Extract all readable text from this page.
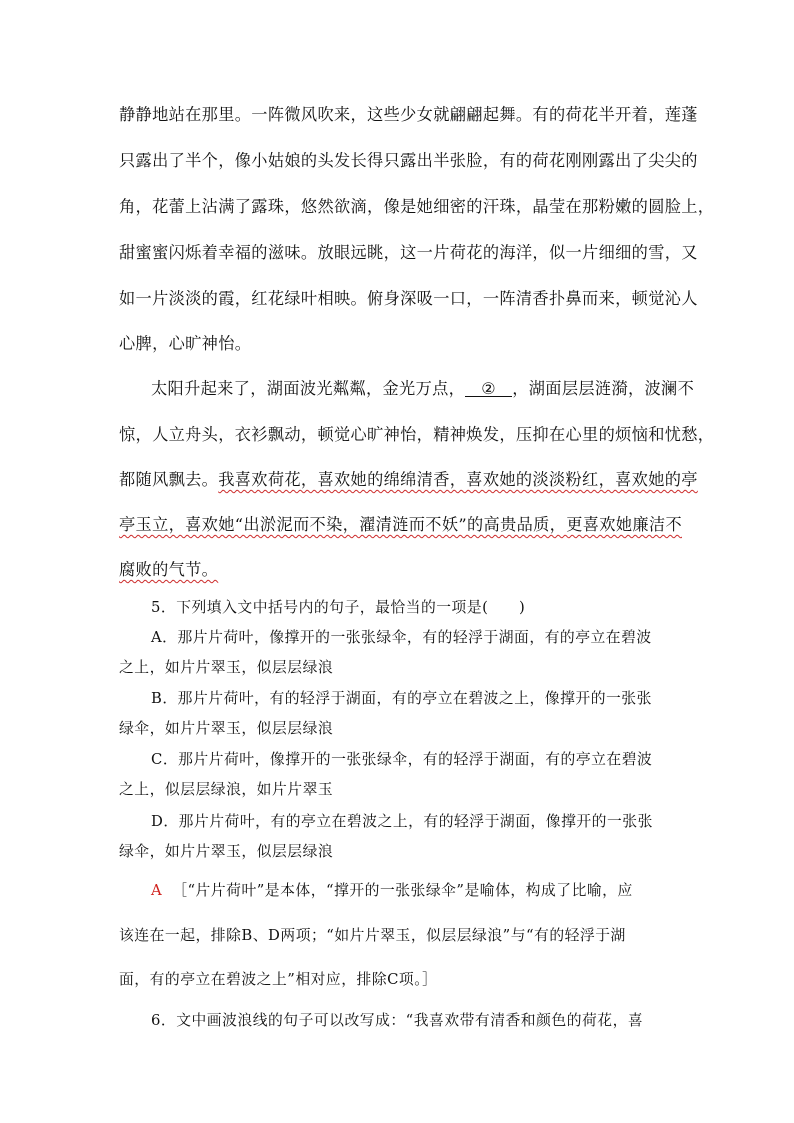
静静地站在那里。一阵微风吹来，这些少女就翩翩起舞。有的荷花半开着，莲蓬
只露出了半个，像小姑娘的头发长得只露出半张脸，有的荷花刚刚露出了尖尖的
角，花蕾上沾满了露珠，悠然欲滴，像是她细密的汗珠，晶莹在那粉嫩的圆脸上，
甜蜜蜜闪烁着幸福的滋味。放眼远眺，这一片荷花的海洋，似一片细细的雪，又
如一片淡淡的霞，红花绿叶相映。俯身深吸一口，一阵清香扑鼻而来，顿觉沁人
心脾，心旷神怡。
太阳升起来了，湖面波光粼粼，金光万点， ② ，湖面层层涟漪，波澜不
惊，人立舟头，衣衫飘动，顿觉心旷神怡，精神焕发，压抑在心里的烦恼和忧愁，
都随风飘去。我喜欢荷花，喜欢她的绵绵清香，喜欢她的淡淡粉红，喜欢她的亭
亭玉立，喜欢她“出淤泥而不染，濯清涟而不妖”的高贵品质，更喜欢她廉洁不
腐败的气节。
5．下列填入文中括号内的句子，最恰当的一项是(　　)
A．那片片荷叶，像撑开的一张张绿伞，有的轻浮于湖面，有的亭立在碧波
之上，如片片翠玉，似层层绿浪
B．那片片荷叶，有的轻浮于湖面，有的亭立在碧波之上，像撑开的一张张
绿伞，如片片翠玉，似层层绿浪
C．那片片荷叶，像撑开的一张张绿伞，有的轻浮于湖面，有的亭立在碧波
之上，似层层绿浪，如片片翠玉
D．那片片荷叶，有的亭立在碧波之上，有的轻浮于湖面，像撑开的一张张
绿伞，如片片翠玉，似层层绿浪
A ［“片片荷叶”是本体，“撑开的一张张绿伞”是喻体，构成了比喻，应
该连在一起，排除B、D两项；“如片片翠玉，似层层绿浪”与“有的轻浮于湖
面，有的亭立在碧波之上”相对应，排除C项。］
6．文中画波浪线的句子可以改写成：“我喜欢带有清香和颜色的荷花，喜
